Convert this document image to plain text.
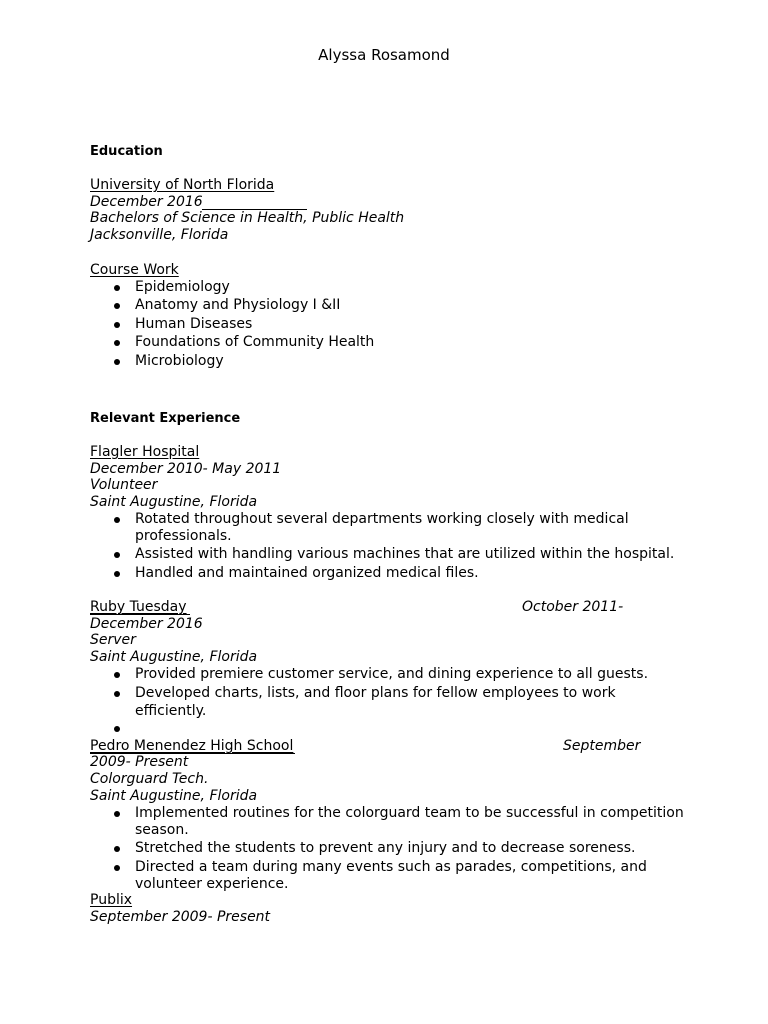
Alyssa Rosamond
Education
University of North Florida
December 2016
Bachelors of Science in Health, Public Health
Jacksonville, Florida
Course Work
Epidemiology
Anatomy and Physiology I &II
Human Diseases
Foundations of Community Health
Microbiology
Relevant Experience
Flagler Hospital
December 2010- May 2011
Volunteer
Saint Augustine, Florida
Rotated throughout several departments working closely with medical
professionals.
Assisted with handling various machines that are utilized within the hospital.
Handled and maintained organized medical files.
Ruby Tuesday	October 2011-
December 2016
Server
Saint Augustine, Florida
Provided premiere customer service, and dining experience to all guests.
Developed charts, lists, and floor plans for fellow employees to work
efficiently.
Pedro Menendez High School	September
2009- Present
Colorguard Tech.
Saint Augustine, Florida
Implemented routines for the colorguard team to be successful in competition
season.
Stretched the students to prevent any injury and to decrease soreness.
Directed a team during many events such as parades, competitions, and
volunteer experience.
Publix
September 2009- Present
